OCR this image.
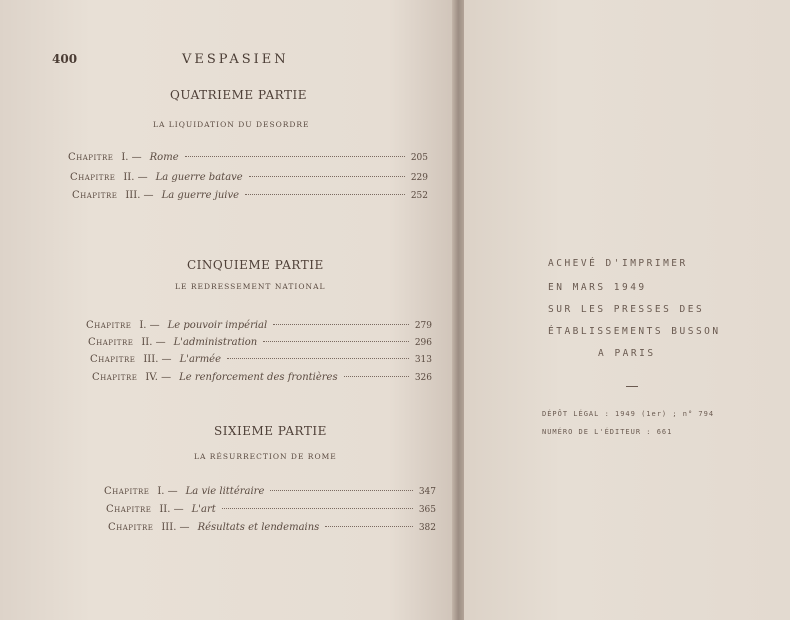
400	VESPASIEN
QUATRIEME PARTIE
LA LIQUIDATION DU DESORDRE
Chapitre I. — Rome	205
Chapitre II. — La guerre batave	229
Chapitre III. — La guerre juive	252
CINQUIEME PARTIE
LE REDRESSEMENT NATIONAL
Chapitre I. — Le pouvoir impérial	279
Chapitre II. — L'administration	296
Chapitre III. — L'armée	313
Chapitre IV. — Le renforcement des frontières	326
SIXIEME PARTIE
LA RÉSURRECTION DE ROME
Chapitre I. — La vie littéraire	347
Chapitre II. — L'art	365
Chapitre III. — Résultats et lendemains	382
ACHEVÉ D'IMPRIMER
EN MARS 1949
SUR LES PRESSES DES
ÉTABLISSEMENTS BUSSON
A PARIS
DÉPÔT LÉGAL : 1949 (1er) ; n° 794
NUMÉRO DE L'ÉDITEUR : 661
